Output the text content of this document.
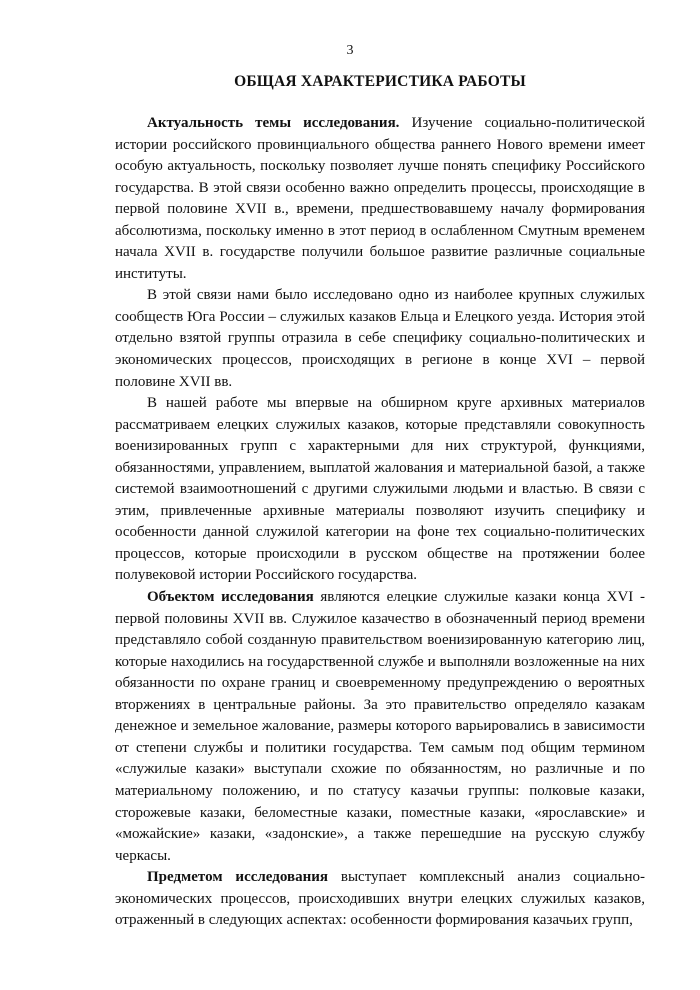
3
ОБЩАЯ ХАРАКТЕРИСТИКА РАБОТЫ

Актуальность темы исследования. Изучение социально-политической истории российского провинциального общества раннего Нового времени имеет особую актуальность, поскольку позволяет лучше понять специфику Российского государства. В этой связи особенно важно определить процессы, происходящие в первой половине XVII в., времени, предшествовавшему началу формирования абсолютизма, поскольку именно в этот период в ослабленном Смутным временем начала XVII в. государстве получили большое развитие различные социальные институты.

В этой связи нами было исследовано одно из наиболее крупных служилых сообществ Юга России – служилых казаков Ельца и Елецкого уезда. История этой отдельно взятой группы отразила в себе специфику социально-политических и экономических процессов, происходящих в регионе в конце XVI – первой половине XVII вв.

В нашей работе мы впервые на обширном круге архивных материалов рассматриваем елецких служилых казаков, которые представляли совокупность военизированных групп с характерными для них структурой, функциями, обязанностями, управлением, выплатой жалования и материальной базой, а также системой взаимоотношений с другими служилыми людьми и властью. В связи с этим, привлеченные архивные материалы позволяют изучить специфику и особенности данной служилой категории на фоне тех социально-политических процессов, которые происходили в русском обществе на протяжении более полувековой истории Российского государства.

Объектом исследования являются елецкие служилые казаки конца XVI - первой половины XVII вв. Служилое казачество в обозначенный период времени представляло собой созданную правительством военизированную категорию лиц, которые находились на государственной службе и выполняли возложенные на них обязанности по охране границ и своевременному предупреждению о вероятных вторжениях в центральные районы. За это правительство определяло казакам денежное и земельное жалование, размеры которого варьировались в зависимости от степени службы и политики государства. Тем самым под общим термином «служилые казаки» выступали схожие по обязанностям, но различные и по материальному положению, и по статусу казачьи группы: полковые казаки, сторожевые казаки, беломестные казаки, поместные казаки, «ярославские» и «можайские» казаки, «задонские», а также перешедшие на русскую службу черкасы.

Предметом исследования выступает комплексный анализ социально-экономических процессов, происходивших внутри елецких служилых казаков, отраженный в следующих аспектах: особенности формирования казачьих групп,
